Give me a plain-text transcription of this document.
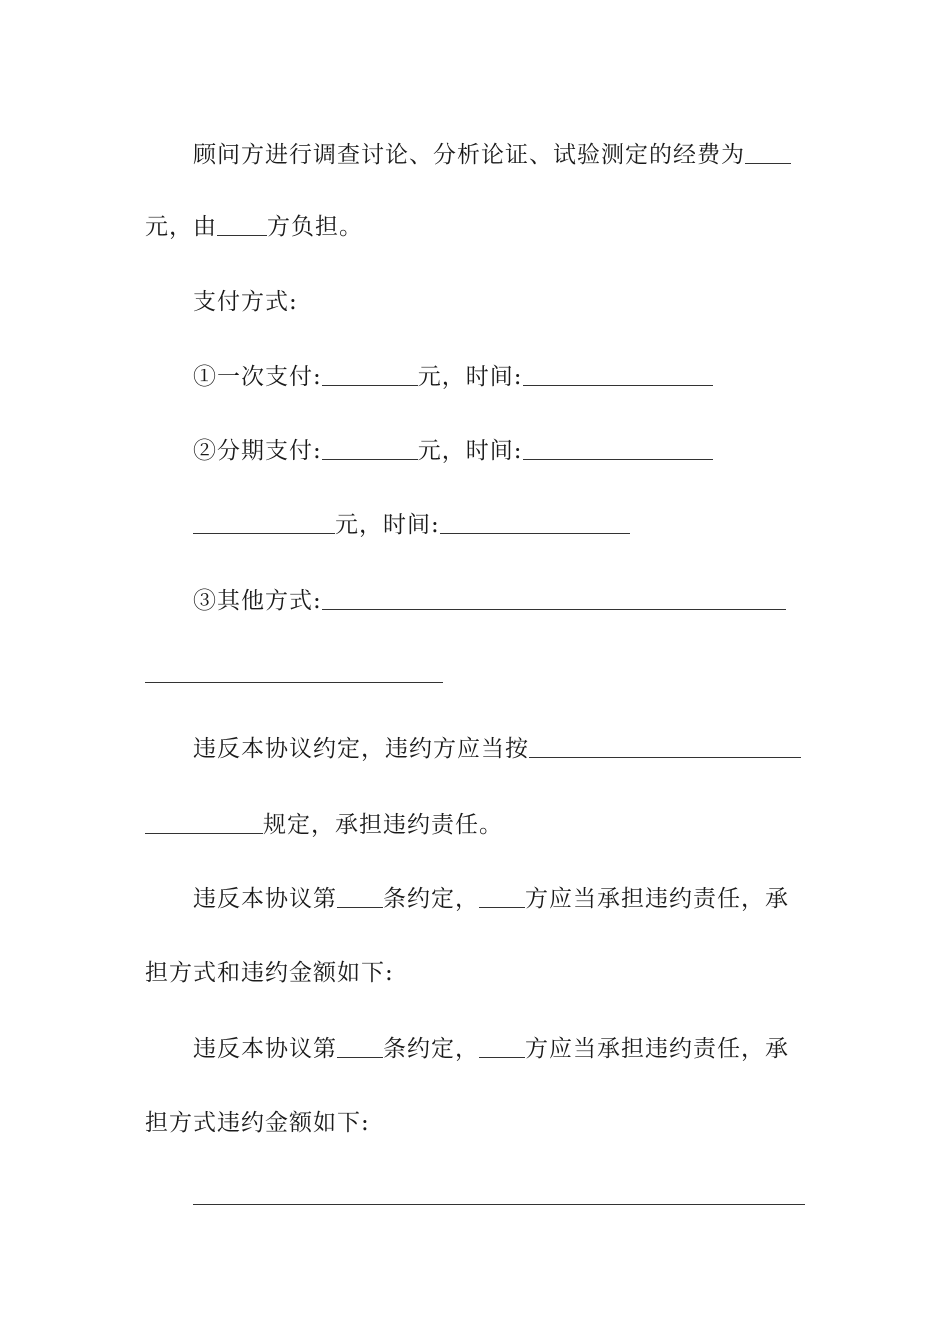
顾问方进行调查讨论、分析论证、试验测定的经费为
元，由 方负担。
支付方式:
①一次支付:	元，时间:
②分期支付:	元，时间:
元，时间:
③其他方式:
违反本协议约定，违约方应当按
规定，承担违约责任。
违反本协议第 条约定， 方应当承担违约责任，承
担方式和违约金额如下:
违反本协议第 条约定， 方应当承担违约责任，承
担方式违约金额如下:
